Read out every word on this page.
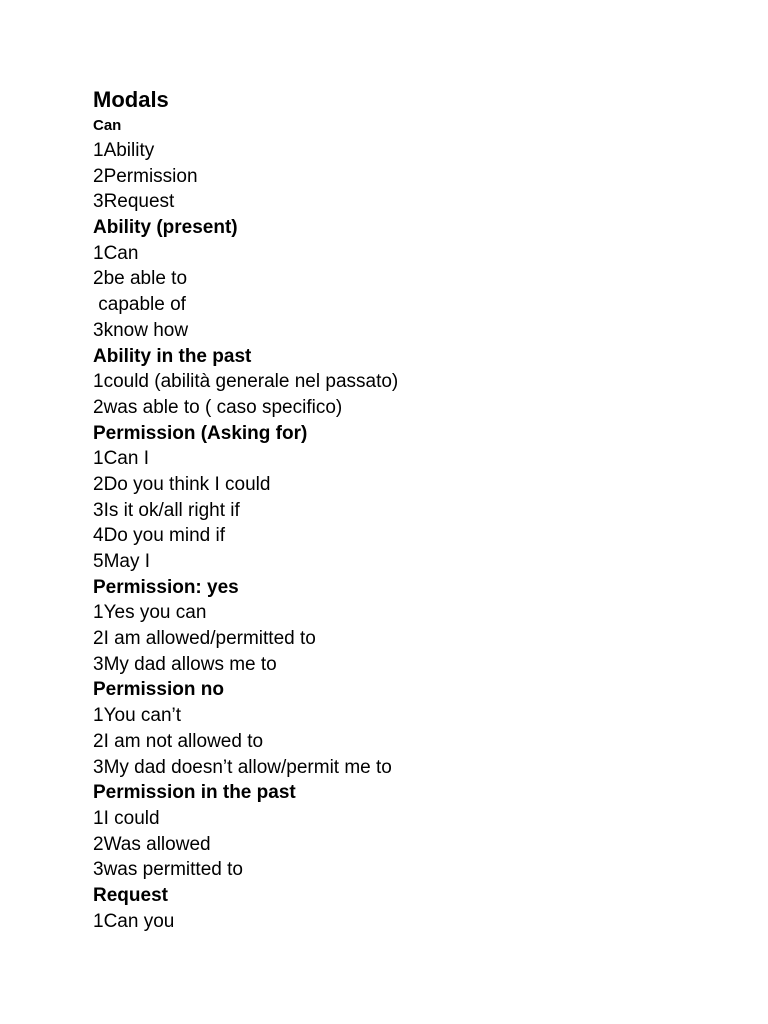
Modals
Can
1Ability
2Permission
3Request
Ability (present)
1Can
2be able to
capable of
3know how
Ability in the past
1could (abilità generale nel passato)
2was able to ( caso specifico)
Permission (Asking for)
1Can I
2Do you think I could
3Is it ok/all right if
4Do you mind if
5May I
Permission: yes
1Yes you can
2I am allowed/permitted to
3My dad allows me to
Permission no
1You can’t
2I am not allowed to
3My dad doesn’t allow/permit me to
Permission in the past
1I could
2Was allowed
3was permitted to
Request
1Can you
